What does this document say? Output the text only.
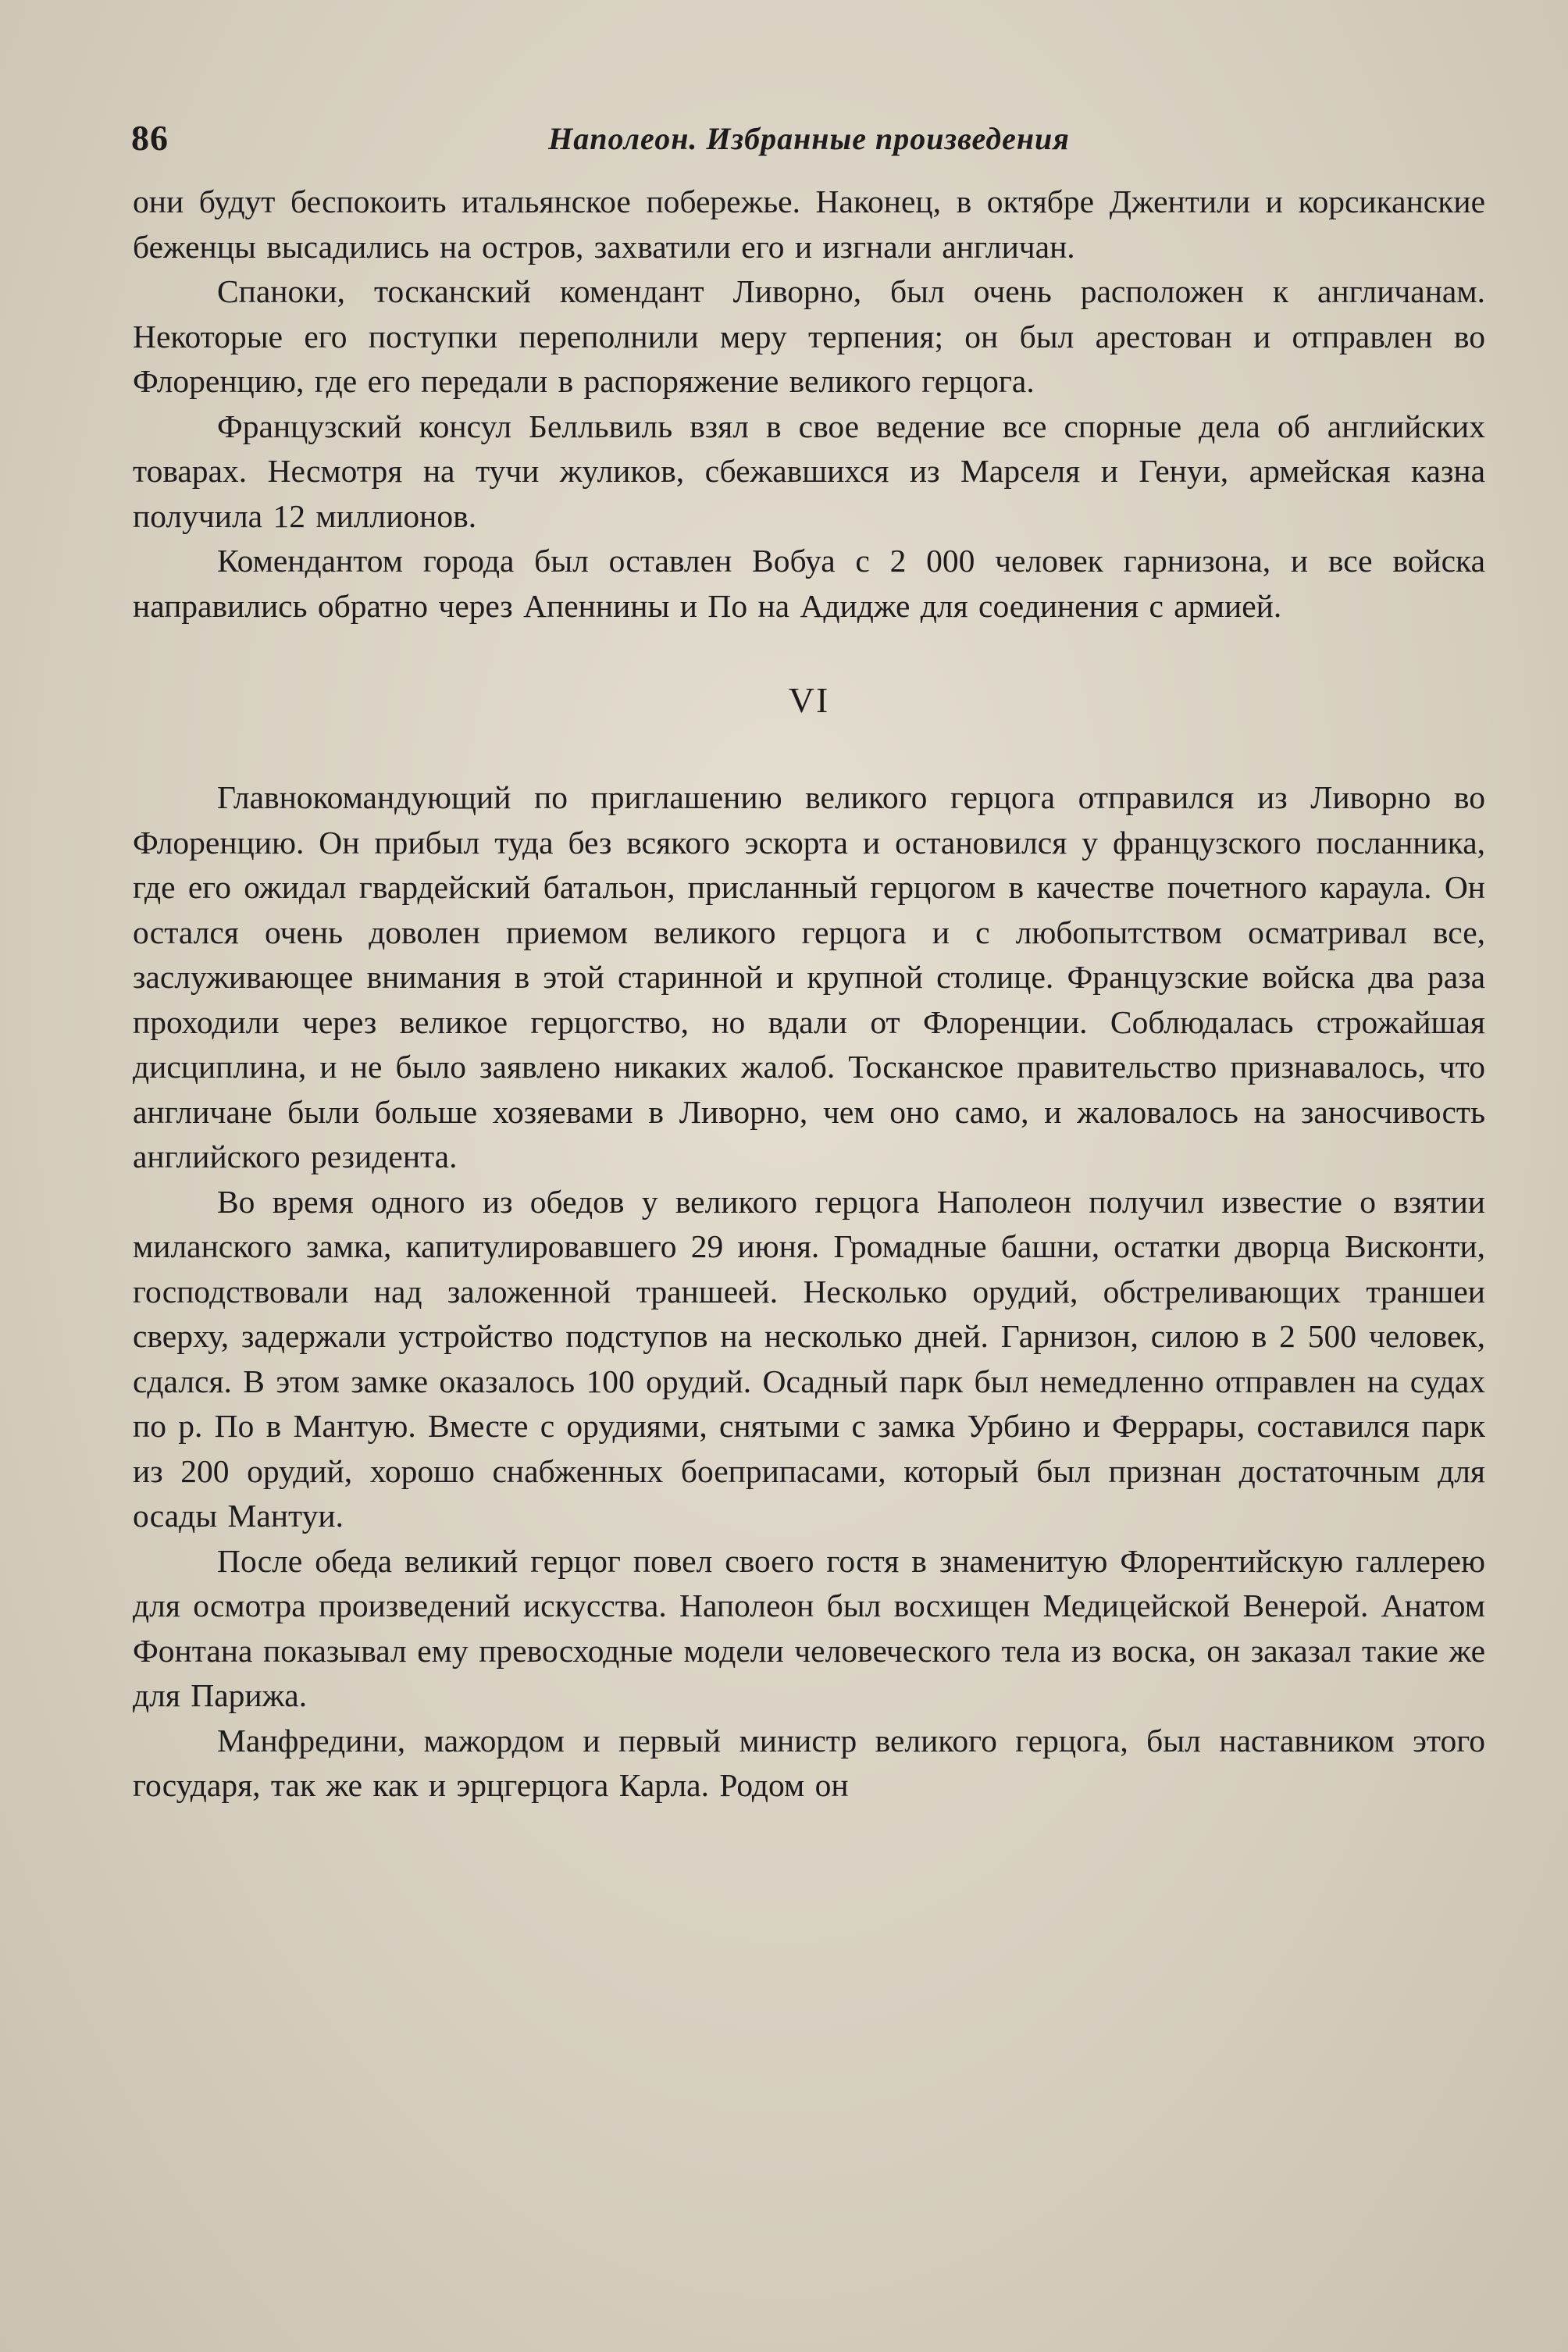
86	Наполеон. Избранные произведения

они будут беспокоить итальянское побережье. Наконец, в октябре Джентили и корсиканские беженцы высадились на остров, захватили его и изгнали англичан.

Спаноки, тосканский комендант Ливорно, был очень расположен к англичанам. Некоторые его поступки переполнили меру терпения; он был арестован и отправлен во Флоренцию, где его передали в распоряжение великого герцога.

Французский консул Белльвиль взял в свое ведение все спорные дела об английских товарах. Несмотря на тучи жуликов, сбежавшихся из Марселя и Генуи, армейская казна получила 12 миллионов.

Комендантом города был оставлен Вобуа с 2 000 человек гарнизона, и все войска направились обратно через Апеннины и По на Адидже для соединения с армией.

VI

Главнокомандующий по приглашению великого герцога отправился из Ливорно во Флоренцию. Он прибыл туда без всякого эскорта и остановился у французского посланника, где его ожидал гвардейский батальон, присланный герцогом в качестве почетного караула. Он остался очень доволен приемом великого герцога и с любопытством осматривал все, заслуживающее внимания в этой старинной и крупной столице. Французские войска два раза проходили через великое герцогство, но вдали от Флоренции. Соблюдалась строжайшая дисциплина, и не было заявлено никаких жалоб. Тосканское правительство признавалось, что англичане были больше хозяевами в Ливорно, чем оно само, и жаловалось на заносчивость английского резидента.

Во время одного из обедов у великого герцога Наполеон получил известие о взятии миланского замка, капитулировавшего 29 июня. Громадные башни, остатки дворца Висконти, господствовали над заложенной траншеей. Несколько орудий, обстреливающих траншеи сверху, задержали устройство подступов на несколько дней. Гарнизон, силою в 2 500 человек, сдался. В этом замке оказалось 100 орудий. Осадный парк был немедленно отправлен на судах по р. По в Мантую. Вместе с орудиями, снятыми с замка Урбино и Феррары, составился парк из 200 орудий, хорошо снабженных боеприпасами, который был признан достаточным для осады Мантуи.

После обеда великий герцог повел своего гостя в знаменитую Флорентийскую галлерею для осмотра произведений искусства. Наполеон был восхищен Медицейской Венерой. Анатом Фонтана показывал ему превосходные модели человеческого тела из воска, он заказал такие же для Парижа.

Манфредини, мажордом и первый министр великого герцога, был наставником этого государя, так же как и эрцгерцога Карла. Родом он
